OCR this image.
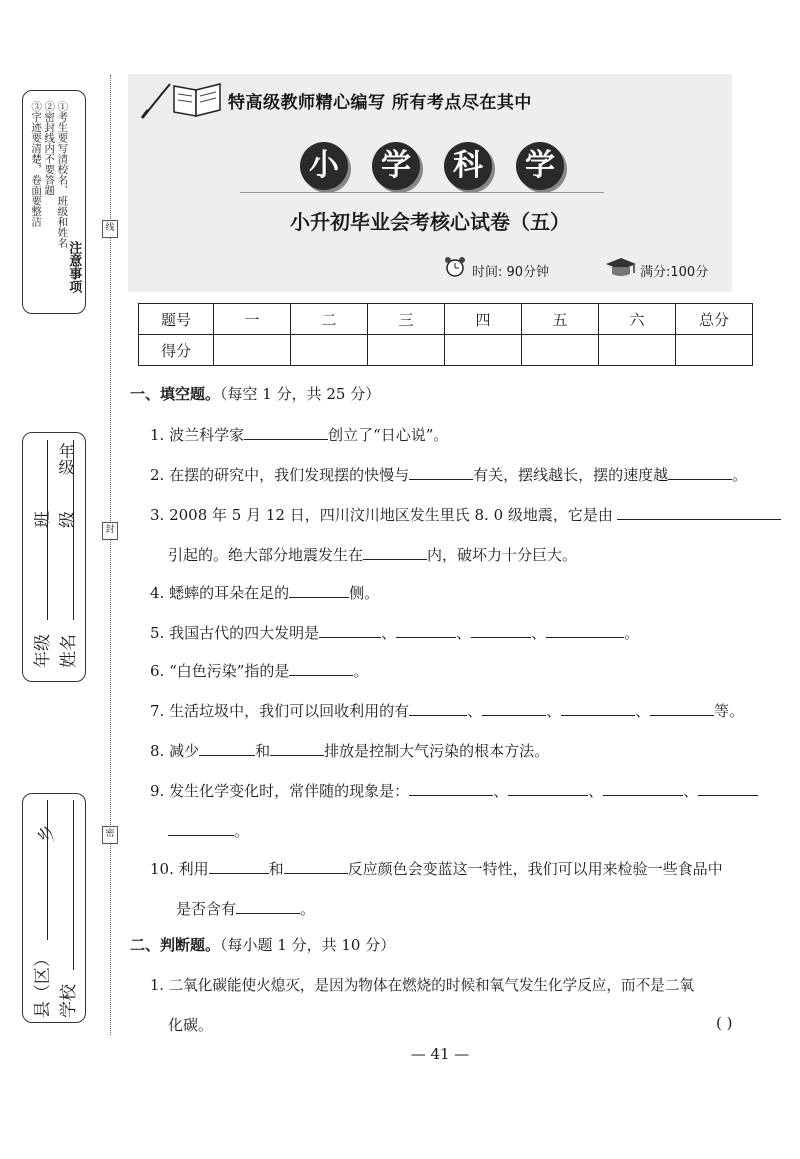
①考生要写清校名、班级和姓名
②密封线内不要答题
③字迹要清楚，卷面要整洁
注意事项
年级
班级
年级 姓名
乡
县（区） 学校
线
封
密
特高级教师精心编写 所有考点尽在其中
小	学	科	学
小升初毕业会考核心试卷（五）
时间: 90分钟	满分:100分
题号	一	二	三	四	五	六	总分
得分							
一、填空题。（每空 1 分，共 25 分）
1. 波兰科学家	创立了“日心说”。
2. 在摆的研究中，我们发现摆的快慢与	有关，摆线越长，摆的速度越	。
3. 2008 年 5 月 12 日，四川汶川地区发生里氏 8. 0 级地震，它是由
引起的。绝大部分地震发生在	内，破坏力十分巨大。
4. 蟋蟀的耳朵在足的	侧。
5. 我国古代的四大发明是	、	、	、	。
6. “白色污染”指的是	。
7. 生活垃圾中，我们可以回收利用的有	、	、	、	等。
8. 减少	和	排放是控制大气污染的根本方法。
9. 发生化学变化时，常伴随的现象是：	、	、	、
。
10. 利用	和	反应颜色会变蓝这一特性，我们可以用来检验一些食品中
是否含有	。
二、判断题。（每小题 1 分，共 10 分）
1. 二氧化碳能使火熄灭，是因为物体在燃烧的时候和氧气发生化学反应，而不是二氧
化碳。	( )
— 41 —
